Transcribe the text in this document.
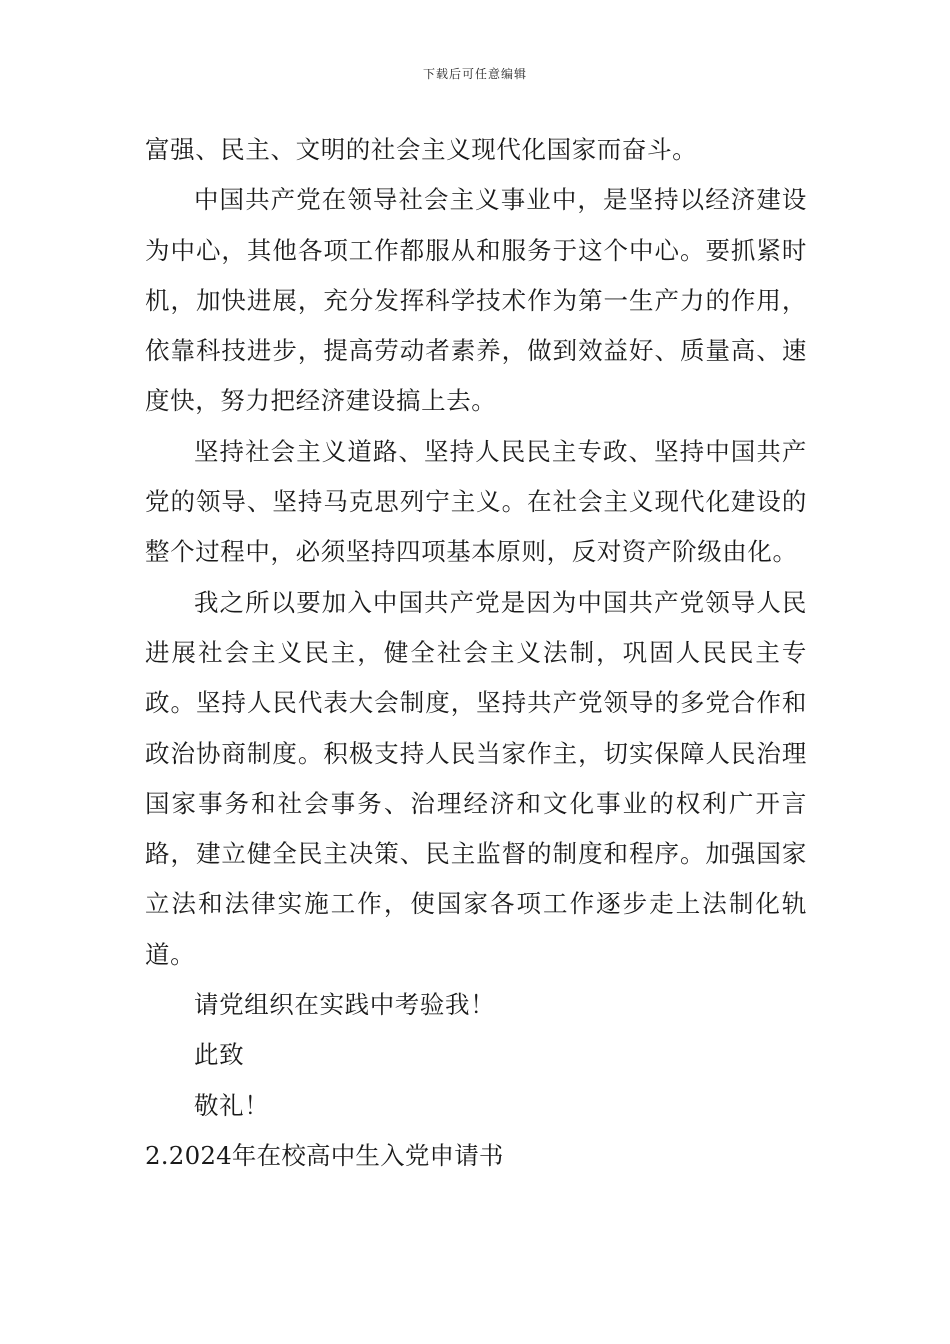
下载后可任意编辑

富强、民主、文明的社会主义现代化国家而奋斗。

中国共产党在领导社会主义事业中，是坚持以经济建设为中心，其他各项工作都服从和服务于这个中心。要抓紧时机，加快进展，充分发挥科学技术作为第一生产力的作用，依靠科技进步，提高劳动者素养，做到效益好、质量高、速度快，努力把经济建设搞上去。

坚持社会主义道路、坚持人民民主专政、坚持中国共产党的领导、坚持马克思列宁主义。在社会主义现代化建设的整个过程中，必须坚持四项基本原则，反对资产阶级由化。

我之所以要加入中国共产党是因为中国共产党领导人民进展社会主义民主，健全社会主义法制，巩固人民民主专政。坚持人民代表大会制度，坚持共产党领导的多党合作和政治协商制度。积极支持人民当家作主，切实保障人民治理国家事务和社会事务、治理经济和文化事业的权利广开言路，建立健全民主决策、民主监督的制度和程序。加强国家立法和法律实施工作，使国家各项工作逐步走上法制化轨道。

请党组织在实践中考验我！

此致

敬礼！

2.2024年在校高中生入党申请书
